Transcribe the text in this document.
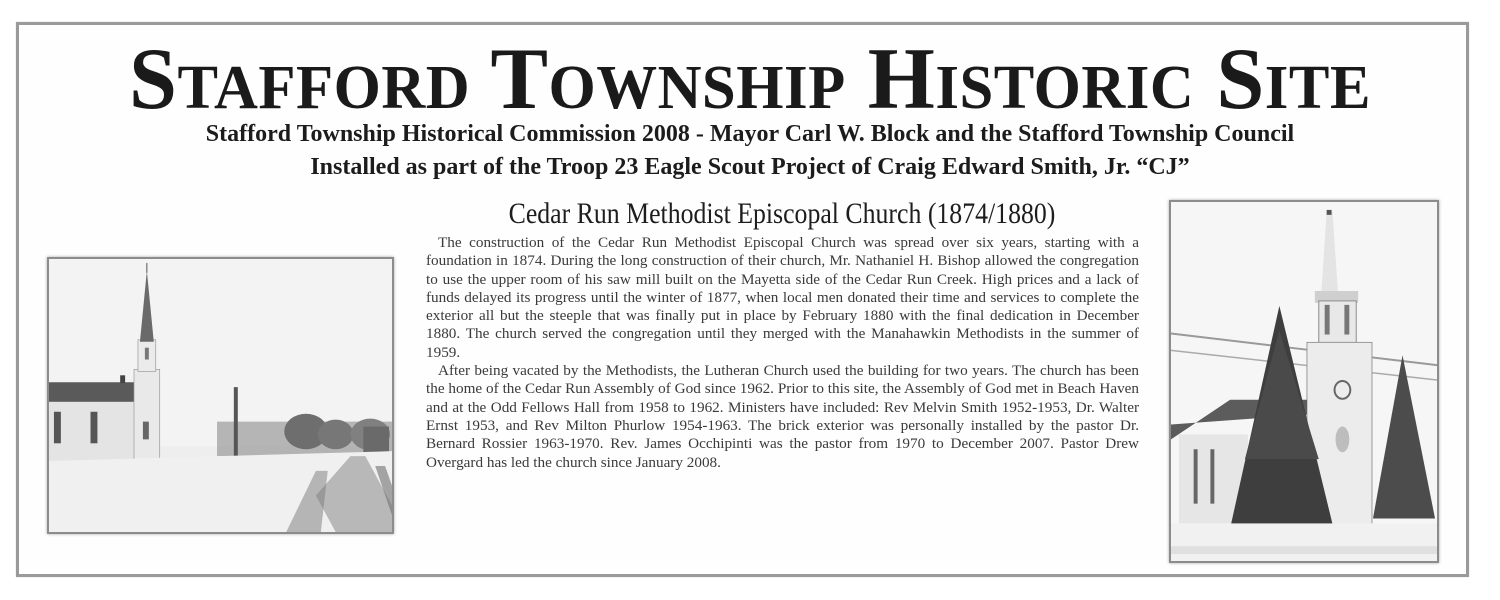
Stafford Township Historic Site
Stafford Township Historical Commission 2008 - Mayor Carl W. Block and the Stafford Township Council
Installed as part of the Troop 23 Eagle Scout Project of Craig Edward Smith, Jr. “CJ”
Cedar Run Methodist Episcopal Church (1874/1880)

The construction of the Cedar Run Methodist Episcopal Church was spread over six years, starting with a foundation in 1874. During the long construction of their church, Mr. Nathaniel H. Bishop allowed the congregation to use the upper room of his saw mill built on the Mayetta side of the Cedar Run Creek. High prices and a lack of funds delayed its progress until the winter of 1877, when local men donated their time and services to complete the exterior all but the steeple that was finally put in place by February 1880 with the final dedication in December 1880. The church served the congregation until they merged with the Manahawkin Methodists in the summer of 1959.

After being vacated by the Methodists, the Lutheran Church used the building for two years. The church has been the home of the Cedar Run Assembly of God since 1962. Prior to this site, the Assembly of God met in Beach Haven and at the Odd Fellows Hall from 1958 to 1962. Ministers have included: Rev Melvin Smith 1952-1953, Dr. Walter Ernst 1953, and Rev Milton Phurlow 1954-1963. The brick exterior was personally installed by the pastor Dr. Bernard Rossier 1963-1970. Rev. James Occhipinti was the pastor from 1970 to December 2007. Pastor Drew Overgard has led the church since January 2008.
